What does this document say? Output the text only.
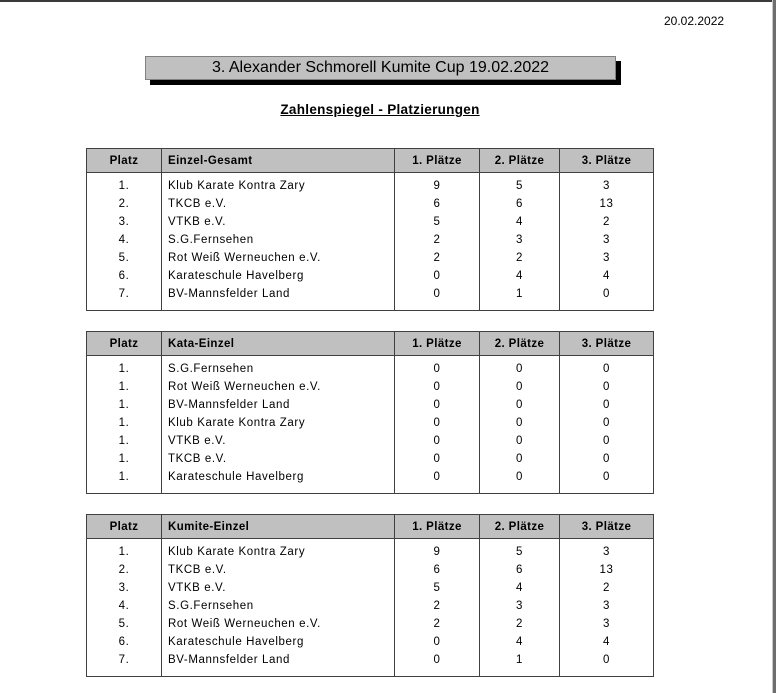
20.02.2022
3. Alexander Schmorell Kumite Cup 19.02.2022
Zahlenspiegel - Platzierungen
Platz	Einzel-Gesamt	1. Plätze	2. Plätze	3. Plätze
1.	Klub Karate Kontra Zary	9	5	3
2.	TKCB e.V.	6	6	13
3.	VTKB e.V.	5	4	2
4.	S.G.Fernsehen	2	3	3
5.	Rot Weiß Werneuchen e.V.	2	2	3
6.	Karateschule Havelberg	0	4	4
7.	BV-Mannsfelder Land	0	1	0
Platz	Kata-Einzel	1. Plätze	2. Plätze	3. Plätze
1.	S.G.Fernsehen	0	0	0
1.	Rot Weiß Werneuchen e.V.	0	0	0
1.	BV-Mannsfelder Land	0	0	0
1.	Klub Karate Kontra Zary	0	0	0
1.	VTKB e.V.	0	0	0
1.	TKCB e.V.	0	0	0
1.	Karateschule Havelberg	0	0	0
Platz	Kumite-Einzel	1. Plätze	2. Plätze	3. Plätze
1.	Klub Karate Kontra Zary	9	5	3
2.	TKCB e.V.	6	6	13
3.	VTKB e.V.	5	4	2
4.	S.G.Fernsehen	2	3	3
5.	Rot Weiß Werneuchen e.V.	2	2	3
6.	Karateschule Havelberg	0	4	4
7.	BV-Mannsfelder Land	0	1	0
